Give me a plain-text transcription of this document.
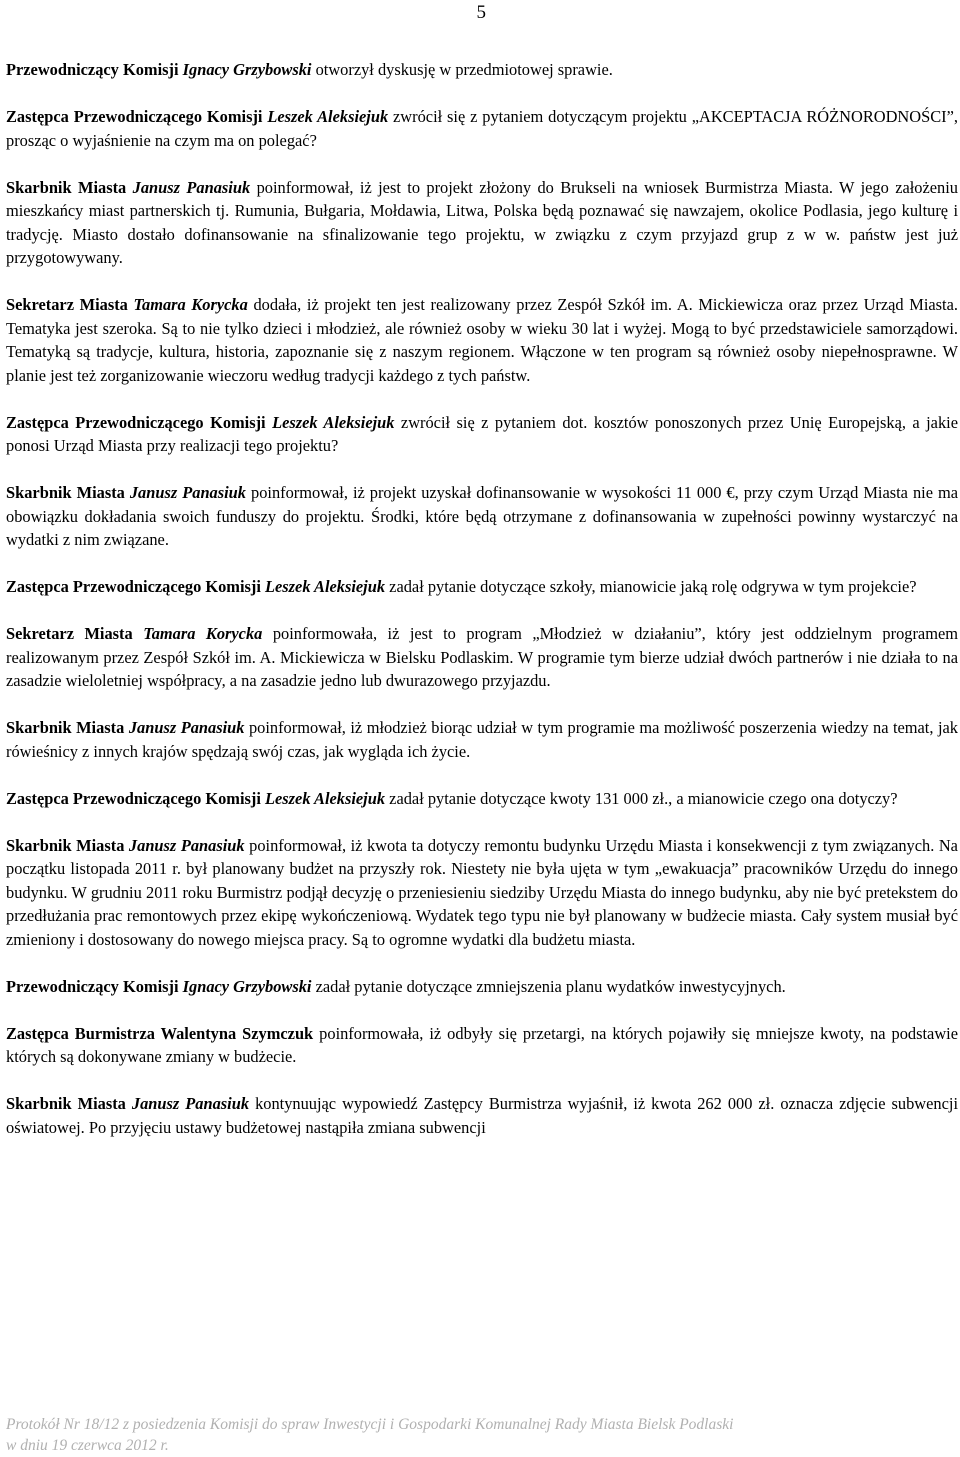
5

Przewodniczący Komisji Ignacy Grzybowski otworzył dyskusję w przedmiotowej sprawie.

Zastępca Przewodniczącego Komisji Leszek Aleksiejuk zwrócił się z pytaniem dotyczącym projektu „AKCEPTACJA RÓŻNORODNOŚCI”, prosząc o wyjaśnienie na czym ma on polegać?

Skarbnik Miasta Janusz Panasiuk poinformował, iż jest to projekt złożony do Brukseli na wniosek Burmistrza Miasta. W jego założeniu mieszkańcy miast partnerskich tj. Rumunia, Bułgaria, Mołdawia, Litwa, Polska będą poznawać się nawzajem, okolice Podlasia, jego kulturę i tradycję. Miasto dostało dofinansowanie na sfinalizowanie tego projektu, w związku z czym przyjazd grup z w w. państw jest już przygotowywany.

Sekretarz Miasta Tamara Korycka dodała, iż projekt ten jest realizowany przez Zespół Szkół im. A. Mickiewicza oraz przez Urząd Miasta. Tematyka jest szeroka. Są to nie tylko dzieci i młodzież, ale również osoby w wieku 30 lat i wyżej. Mogą to być przedstawiciele samorządowi. Tematyką są tradycje, kultura, historia, zapoznanie się z naszym regionem. Włączone w ten program są również osoby niepełnosprawne. W planie jest też zorganizowanie wieczoru według tradycji każdego z tych państw.

Zastępca Przewodniczącego Komisji Leszek Aleksiejuk zwrócił się z pytaniem dot. kosztów ponoszonych przez Unię Europejską, a jakie ponosi Urząd Miasta przy realizacji tego projektu?

Skarbnik Miasta Janusz Panasiuk poinformował, iż projekt uzyskał dofinansowanie w wysokości 11 000 €, przy czym Urząd Miasta nie ma obowiązku dokładania swoich funduszy do projektu. Środki, które będą otrzymane z dofinansowania w zupełności powinny wystarczyć na wydatki z nim związane.

Zastępca Przewodniczącego Komisji Leszek Aleksiejuk zadał pytanie dotyczące szkoły, mianowicie jaką rolę odgrywa w tym projekcie?

Sekretarz Miasta Tamara Korycka poinformowała, iż jest to program „Młodzież w działaniu”, który jest oddzielnym programem realizowanym przez Zespół Szkół im. A. Mickiewicza w Bielsku Podlaskim. W programie tym bierze udział dwóch partnerów i nie działa to na zasadzie wieloletniej współpracy, a na zasadzie jedno lub dwurazowego przyjazdu.

Skarbnik Miasta Janusz Panasiuk poinformował, iż młodzież biorąc udział w tym programie ma możliwość poszerzenia wiedzy na temat, jak rówieśnicy z innych krajów spędzają swój czas, jak wygląda ich życie.

Zastępca Przewodniczącego Komisji Leszek Aleksiejuk zadał pytanie dotyczące kwoty 131 000 zł., a mianowicie czego ona dotyczy?

Skarbnik Miasta Janusz Panasiuk poinformował, iż kwota ta dotyczy remontu budynku Urzędu Miasta i konsekwencji z tym związanych. Na początku listopada 2011 r. był planowany budżet na przyszły rok. Niestety nie była ujęta w tym „ewakuacja” pracowników Urzędu do innego budynku. W grudniu 2011 roku Burmistrz podjął decyzję o przeniesieniu siedziby Urzędu Miasta do innego budynku, aby nie być pretekstem do przedłużania prac remontowych przez ekipę wykończeniową. Wydatek tego typu nie był planowany w budżecie miasta. Cały system musiał być zmieniony i dostosowany do nowego miejsca pracy. Są to ogromne wydatki dla budżetu miasta.

Przewodniczący Komisji Ignacy Grzybowski zadał pytanie dotyczące zmniejszenia planu wydatków inwestycyjnych.

Zastępca Burmistrza Walentyna Szymczuk poinformowała, iż odbyły się przetargi, na których pojawiły się mniejsze kwoty, na podstawie których są dokonywane zmiany w budżecie.

Skarbnik Miasta Janusz Panasiuk kontynuując wypowiedź Zastępcy Burmistrza wyjaśnił, iż kwota 262 000 zł. oznacza zdjęcie subwencji oświatowej. Po przyjęciu ustawy budżetowej nastąpiła zmiana subwencji

Protokół Nr 18/12 z posiedzenia Komisji do spraw Inwestycji i Gospodarki Komunalnej Rady Miasta Bielsk Podlaski
w dniu 19 czerwca 2012 r.
